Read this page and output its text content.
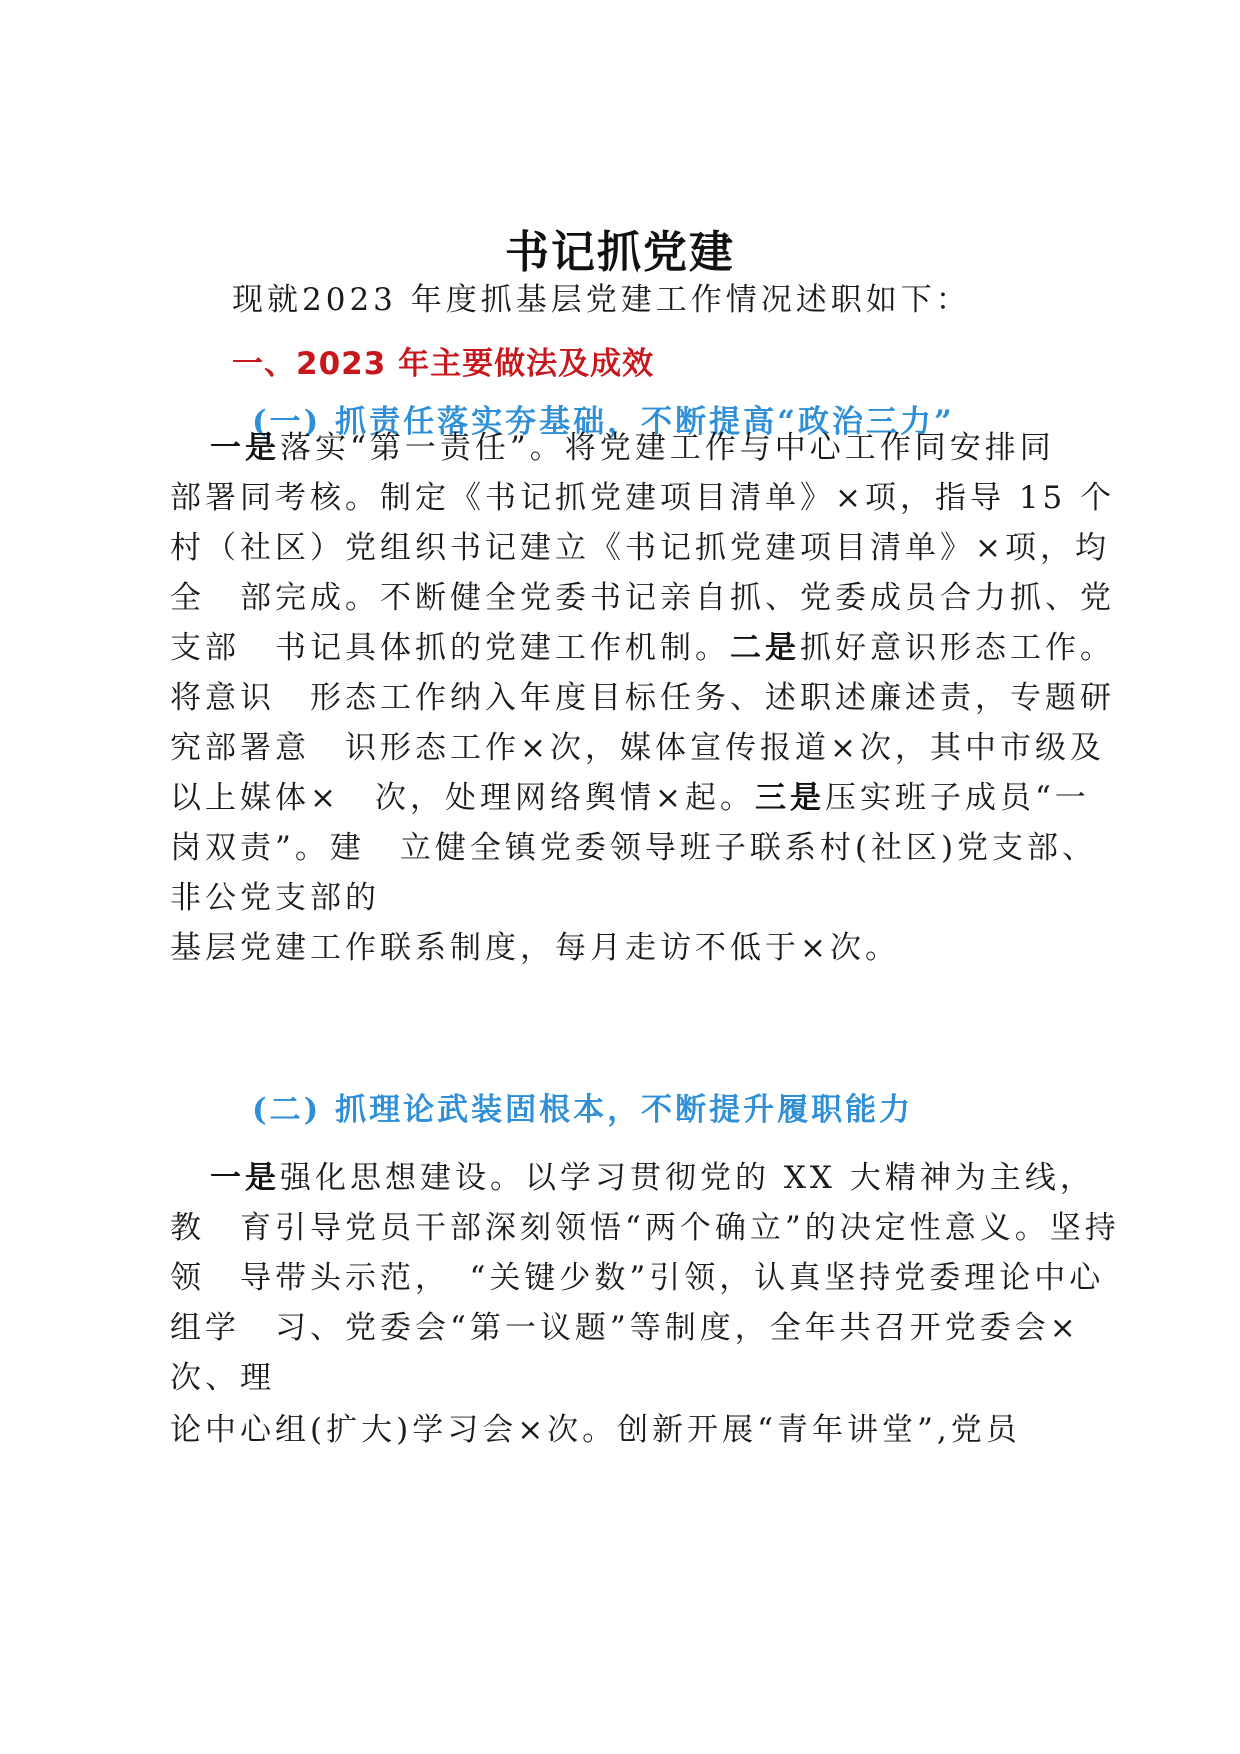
书记抓党建
现就2023 年度抓基层党建工作情况述职如下：
一、2023 年主要做法及成效
(一) 抓责任落实夯基础，不断提高“政治三力”
一是落实“第一责任”。将党建工作与中心工作同安排同
部署同考核。制定《书记抓党建项目清单》×项，指导 15 个
村（社区）党组织书记建立《书记抓党建项目清单》×项，均
全　部完成。不断健全党委书记亲自抓、党委成员合力抓、党
支部　书记具体抓的党建工作机制。二是抓好意识形态工作。
将意识　形态工作纳入年度目标任务、述职述廉述责，专题研
究部署意　识形态工作×次，媒体宣传报道×次，其中市级及
以上媒体×　次，处理网络舆情×起。三是压实班子成员“一
岗双责”。建　立健全镇党委领导班子联系村(社区)党支部、
非公党支部的
基层党建工作联系制度，每月走访不低于×次。
(二) 抓理论武装固根本，不断提升履职能力
一是强化思想建设。以学习贯彻党的 XX 大精神为主线，
教　育引导党员干部深刻领悟“两个确立”的决定性意义。坚持
领　导带头示范，　“关键少数”引领，认真坚持党委理论中心
组学　习、党委会“第一议题”等制度，全年共召开党委会×
次、理
论中心组(扩大)学习会×次。创新开展“青年讲堂”,党员
